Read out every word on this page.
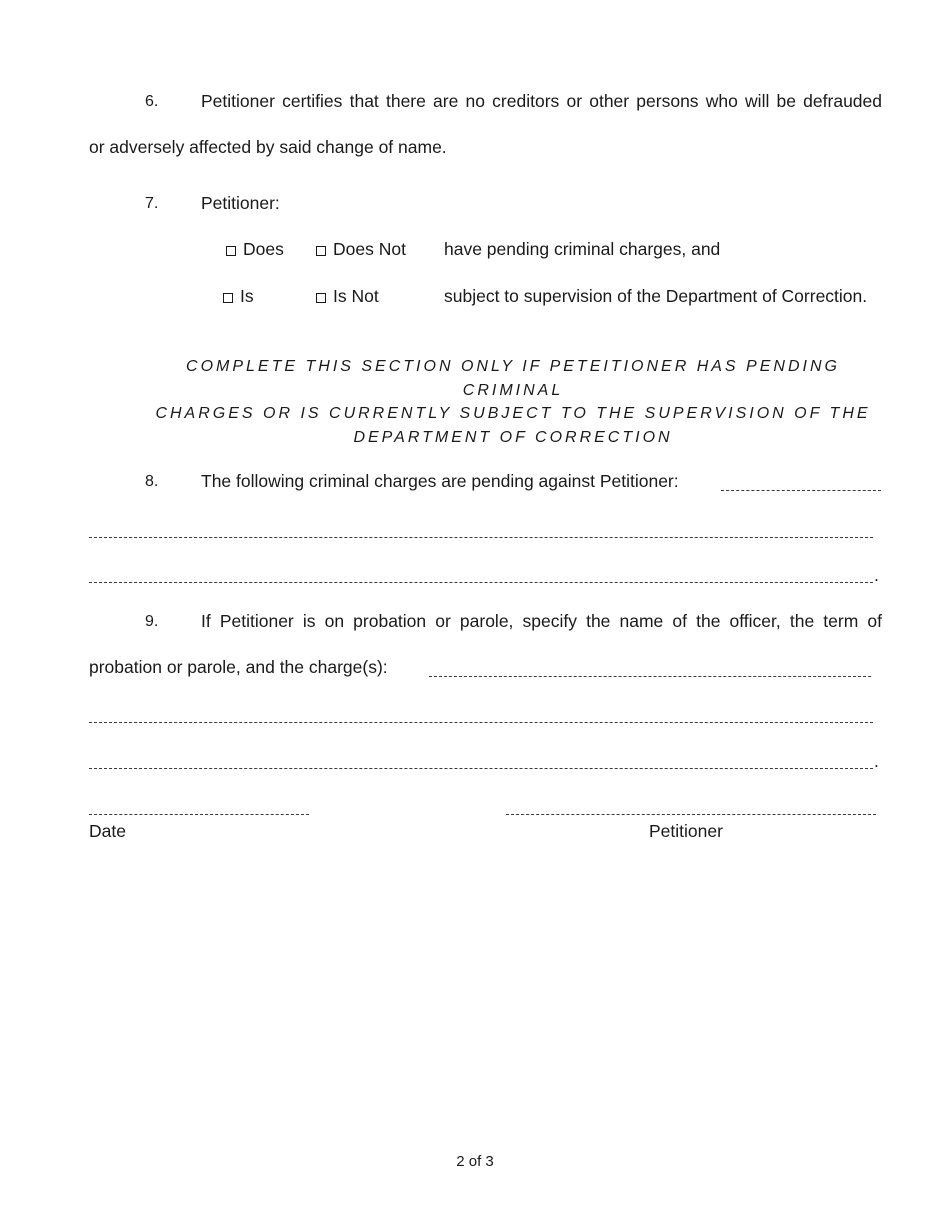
6. Petitioner certifies that there are no creditors or other persons who will be defrauded
or adversely affected by said change of name.
7. Petitioner:
Does	Does Not have pending criminal charges, and
Is	Is Not	subject to supervision of the Department of Correction.
COMPLETE THIS SECTION ONLY IF PETEITIONER HAS PENDING CRIMINAL
CHARGES OR IS CURRENTLY SUBJECT TO THE SUPERVISION OF THE
DEPARTMENT OF CORRECTION
8. The following criminal charges are pending against Petitioner:
.
9. If Petitioner is on probation or parole, specify the name of the officer, the term of
probation or parole, and the charge(s):
.
Date	Petitioner
2 of 3
